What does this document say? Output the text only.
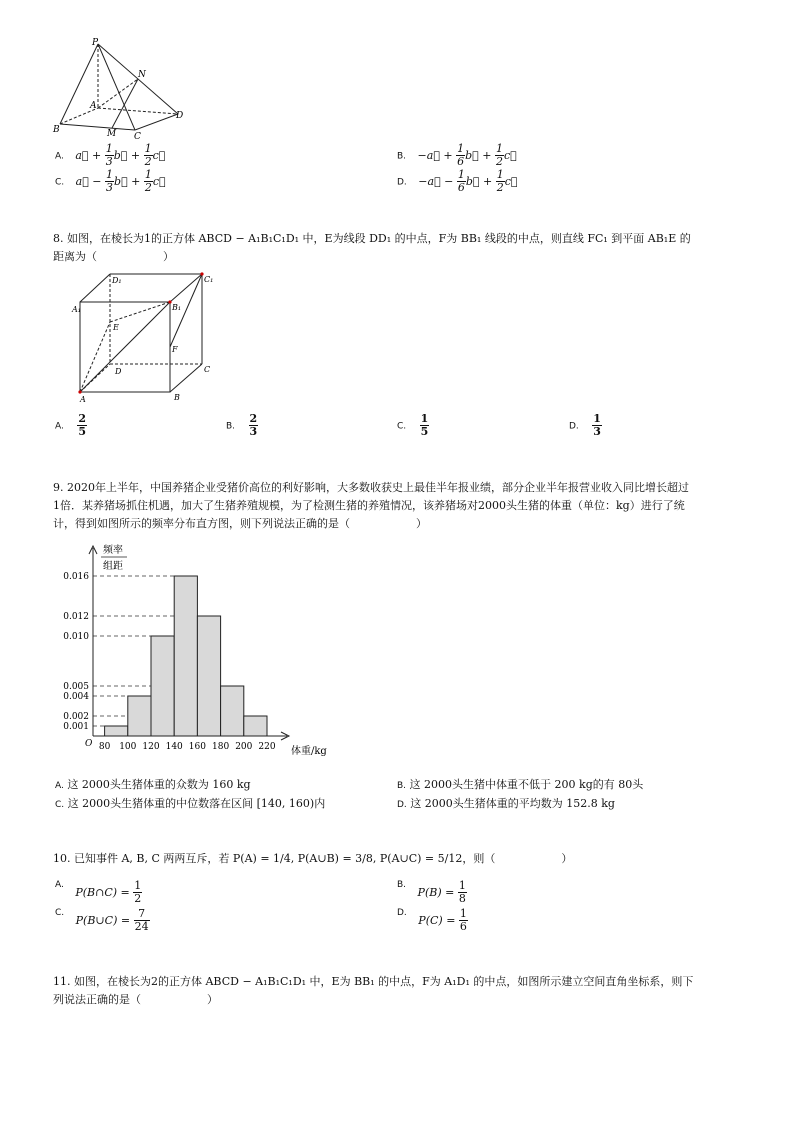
P
N
A
B	M C
D
A. a⃗ + $\frac{1}{3}$ b⃗ + $\frac{1}{2}$ c⃗	B. −a⃗ + $\frac{1}{6}$ b⃗ + $\frac{1}{2}$ c⃗
C. a⃗ − $\frac{1}{3}$ b⃗ + $\frac{1}{2}$ c⃗	D. −a⃗ − $\frac{1}{6}$ b⃗ + $\frac{1}{2}$ c⃗
8. 如图，在棱长为1的正方体 ABCD − A₁B₁C₁D₁ 中，E为线段 DD₁ 的中点，F为 BB₁ 线段的中点，则直线 FC₁ 到平面 AB₁E 的
距离为（　　　　　　）
D₁	C₁
A₁	B₁
E
F
D	C
A	B
A. $\frac{2}{5}$	B. $\frac{2}{3}$	C. $\frac{1}{5}$	D. $\frac{1}{3}$
9. 2020年上半年，中国养猪企业受猪价高位的利好影响，大多数收获史上最佳半年报业绩，部分企业半年报营业收入同比增长超过
1倍．某养猪场抓住机遇，加大了生猪养殖规模，为了检测生猪的养殖情况，该养猪场对2000头生猪的体重（单位：kg）进行了统
计，得到如图所示的频率分布直方图，则下列说法正确的是（　　　　　　）
频率
组距
O
体重/kg
0.016
0.012
0.010
0.005
0.004
0.002
0.001
80 100 120 140 160 180 200 220
A. 这 2000头生猪体重的众数为 160 kg	B. 这 2000头生猪中体重不低于 200 kg的有 80头
C. 这 2000头生猪体重的中位数落在区间 [140, 160)内	D. 这 2000头生猪体重的平均数为 152.8 kg
10. 已知事件 A, B, C 两两互斥，若 P(A) = 1/4, P(A∪B) = 3/8, P(A∪C) = 5/12，则（　　　　　　）
$^{A.}$ P(B∩C) = $\frac{1}{2}$	$^{B.}$ $P(B) = \frac{1}{8}$
$^{C.}$ P(B∪C) = $\frac{7}{24}$	$^{D.}$ $P(C) = \frac{1}{6}$
11. 如图，在棱长为2的正方体 ABCD − A₁B₁C₁D₁ 中，E为 BB₁ 的中点，F为 A₁D₁ 的中点，如图所示建立空间直角坐标系，则下
列说法正确的是（　　　　　　）
